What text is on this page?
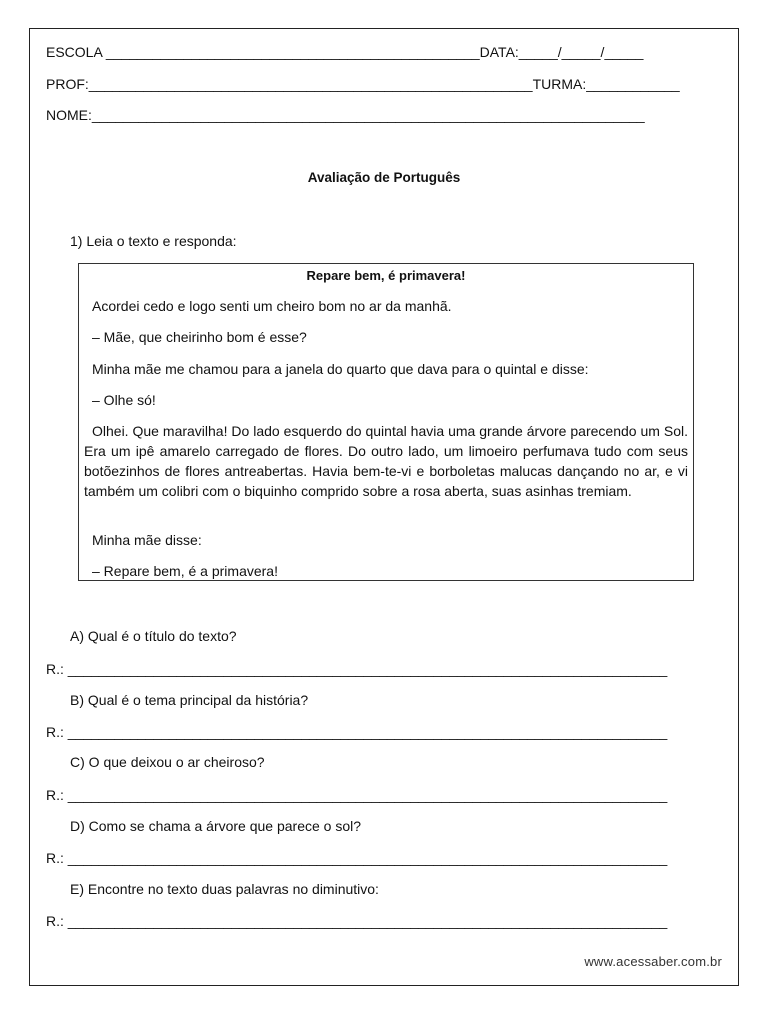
ESCOLA ________________________________________________DATA:_____/_____/_____
PROF:_________________________________________________________TURMA:____________
NOME:_______________________________________________________________________
Avaliação de Português
1) Leia o texto e responda:
Repare bem, é primavera!
Acordei cedo e logo senti um cheiro bom no ar da manhã.
– Mãe, que cheirinho bom é esse?
Minha mãe me chamou para a janela do quarto que dava para o quintal e disse:
– Olhe só!
Olhei. Que maravilha! Do lado esquerdo do quintal havia uma grande árvore parecendo um Sol. Era um ipê amarelo carregado de flores. Do outro lado, um limoeiro perfumava tudo com seus botõezinhos de flores antreabertas. Havia bem-te-vi e borboletas malucas dançando no ar, e vi também um colibri com o biquinho comprido sobre a rosa aberta, suas asinhas tremiam.
Minha mãe disse:
– Repare bem, é a primavera!
A) Qual é o título do texto?
R.: _____________________________________________________________________________
B) Qual é o tema principal da história?
R.: _____________________________________________________________________________
C) O que deixou o ar cheiroso?
R.: _____________________________________________________________________________
D) Como se chama a árvore que parece o sol?
R.: _____________________________________________________________________________
E) Encontre no texto duas palavras no diminutivo:
R.: _____________________________________________________________________________
www.acessaber.com.br
